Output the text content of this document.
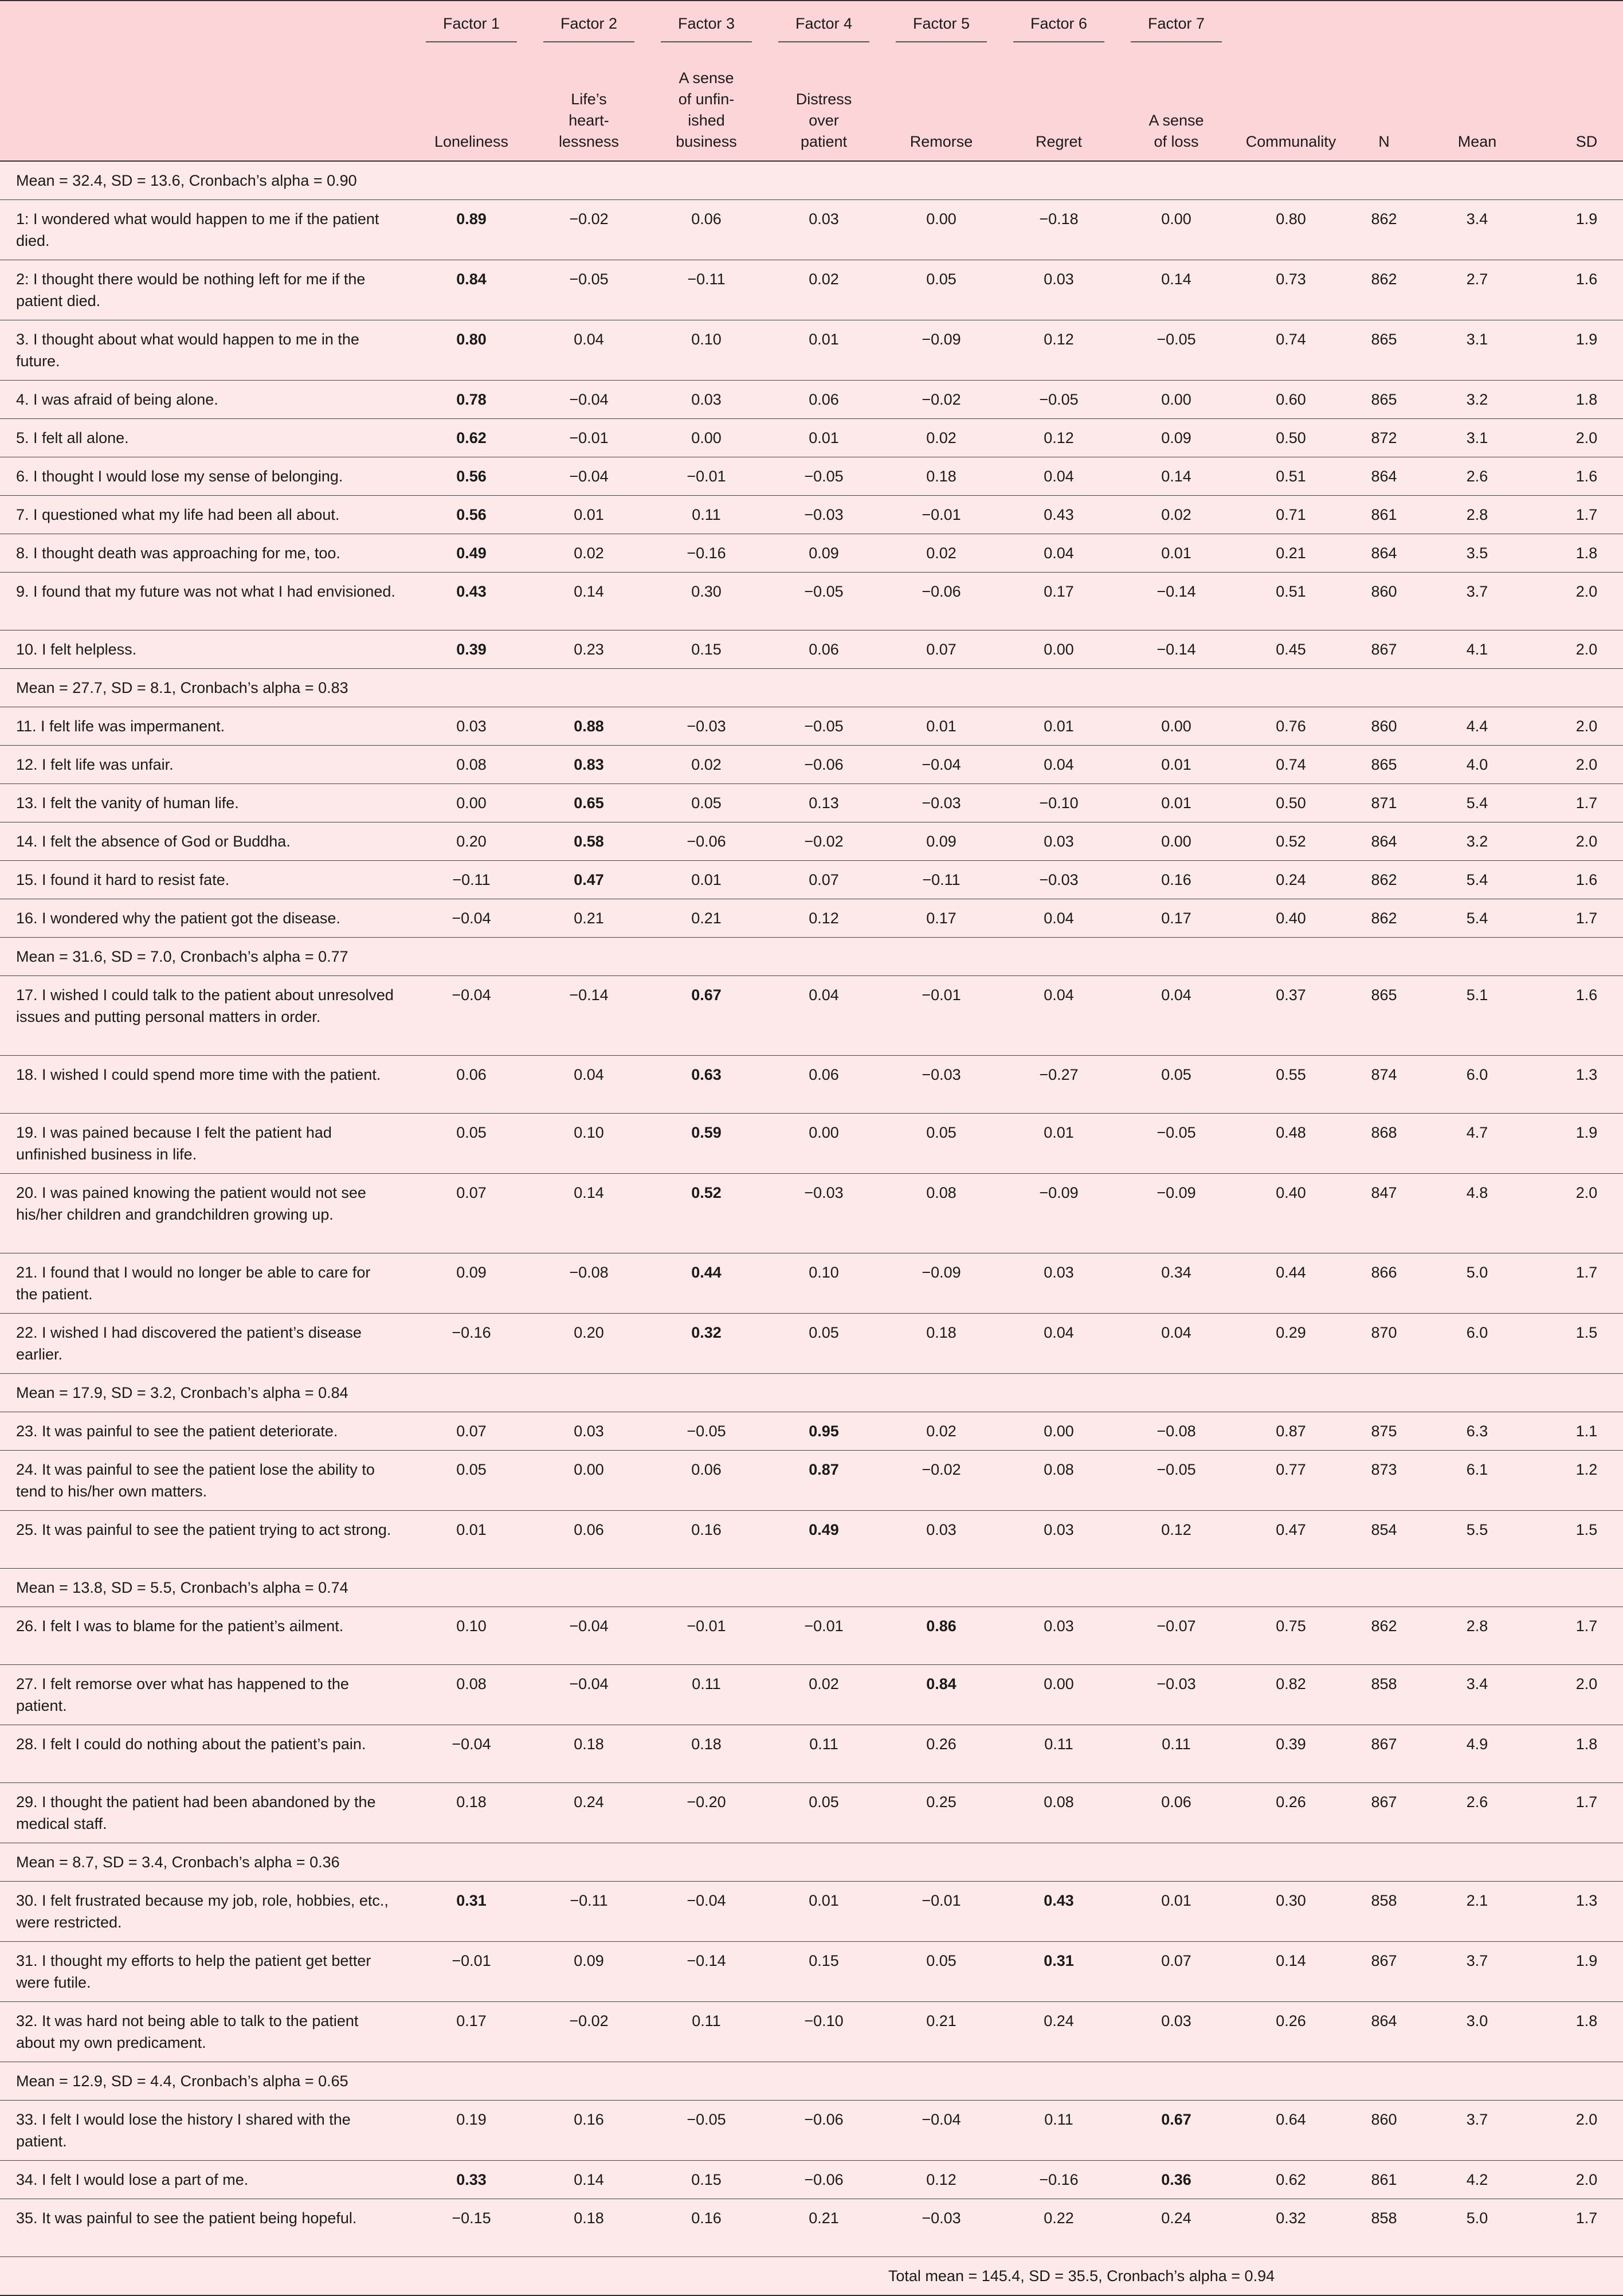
	Factor 1	Factor 2	Factor 3	Factor 4	Factor 5	Factor 6	Factor 7				
	Loneliness	Life’s
heart-
lessness	A sense
of unfin-
ished
business	Distress
over
patient	Remorse	Regret	A sense
of loss	Communality	N	Mean	SD
Mean = 32.4, SD = 13.6, Cronbach’s alpha = 0.90											
1: I wondered what would happen to me if the patient died.	0.89	−0.02	0.06	0.03	0.00	−0.18	0.00	0.80	862	3.4	1.9
2: I thought there would be nothing left for me if the patient died.	0.84	−0.05	−0.11	0.02	0.05	0.03	0.14	0.73	862	2.7	1.6
3. I thought about what would happen to me in the future.	0.80	0.04	0.10	0.01	−0.09	0.12	−0.05	0.74	865	3.1	1.9
4. I was afraid of being alone.	0.78	−0.04	0.03	0.06	−0.02	−0.05	0.00	0.60	865	3.2	1.8
5. I felt all alone.	0.62	−0.01	0.00	0.01	0.02	0.12	0.09	0.50	872	3.1	2.0
6. I thought I would lose my sense of belonging.	0.56	−0.04	−0.01	−0.05	0.18	0.04	0.14	0.51	864	2.6	1.6
7. I questioned what my life had been all about.	0.56	0.01	0.11	−0.03	−0.01	0.43	0.02	0.71	861	2.8	1.7
8. I thought death was approaching for me, too.	0.49	0.02	−0.16	0.09	0.02	0.04	0.01	0.21	864	3.5	1.8
9. I found that my future was not what I had envisioned.	0.43	0.14	0.30	−0.05	−0.06	0.17	−0.14	0.51	860	3.7	2.0
10. I felt helpless.	0.39	0.23	0.15	0.06	0.07	0.00	−0.14	0.45	867	4.1	2.0
Mean = 27.7, SD = 8.1, Cronbach’s alpha = 0.83											
11. I felt life was impermanent.	0.03	0.88	−0.03	−0.05	0.01	0.01	0.00	0.76	860	4.4	2.0
12. I felt life was unfair.	0.08	0.83	0.02	−0.06	−0.04	0.04	0.01	0.74	865	4.0	2.0
13. I felt the vanity of human life.	0.00	0.65	0.05	0.13	−0.03	−0.10	0.01	0.50	871	5.4	1.7
14. I felt the absence of God or Buddha.	0.20	0.58	−0.06	−0.02	0.09	0.03	0.00	0.52	864	3.2	2.0
15. I found it hard to resist fate.	−0.11	0.47	0.01	0.07	−0.11	−0.03	0.16	0.24	862	5.4	1.6
16. I wondered why the patient got the disease.	−0.04	0.21	0.21	0.12	0.17	0.04	0.17	0.40	862	5.4	1.7
Mean = 31.6, SD = 7.0, Cronbach’s alpha = 0.77											
17. I wished I could talk to the patient about unresolved issues and putting personal matters in order.	−0.04	−0.14	0.67	0.04	−0.01	0.04	0.04	0.37	865	5.1	1.6
18. I wished I could spend more time with the patient.	0.06	0.04	0.63	0.06	−0.03	−0.27	0.05	0.55	874	6.0	1.3
19. I was pained because I felt the patient had unfinished business in life.	0.05	0.10	0.59	0.00	0.05	0.01	−0.05	0.48	868	4.7	1.9
20. I was pained knowing the patient would not see his/her children and grandchildren growing up.	0.07	0.14	0.52	−0.03	0.08	−0.09	−0.09	0.40	847	4.8	2.0
21. I found that I would no longer be able to care for the patient.	0.09	−0.08	0.44	0.10	−0.09	0.03	0.34	0.44	866	5.0	1.7
22. I wished I had discovered the patient’s disease earlier.	−0.16	0.20	0.32	0.05	0.18	0.04	0.04	0.29	870	6.0	1.5
Mean = 17.9, SD = 3.2, Cronbach’s alpha = 0.84											
23. It was painful to see the patient deteriorate.	0.07	0.03	−0.05	0.95	0.02	0.00	−0.08	0.87	875	6.3	1.1
24. It was painful to see the patient lose the ability to tend to his/her own matters.	0.05	0.00	0.06	0.87	−0.02	0.08	−0.05	0.77	873	6.1	1.2
25. It was painful to see the patient trying to act strong.	0.01	0.06	0.16	0.49	0.03	0.03	0.12	0.47	854	5.5	1.5
Mean = 13.8, SD = 5.5, Cronbach’s alpha = 0.74											
26. I felt I was to blame for the patient’s ailment.	0.10	−0.04	−0.01	−0.01	0.86	0.03	−0.07	0.75	862	2.8	1.7
27. I felt remorse over what has happened to the patient.	0.08	−0.04	0.11	0.02	0.84	0.00	−0.03	0.82	858	3.4	2.0
28. I felt I could do nothing about the patient’s pain.	−0.04	0.18	0.18	0.11	0.26	0.11	0.11	0.39	867	4.9	1.8
29. I thought the patient had been abandoned by the medical staff.	0.18	0.24	−0.20	0.05	0.25	0.08	0.06	0.26	867	2.6	1.7
Mean = 8.7, SD = 3.4, Cronbach’s alpha = 0.36											
30. I felt frustrated because my job, role, hobbies, etc., were restricted.	0.31	−0.11	−0.04	0.01	−0.01	0.43	0.01	0.30	858	2.1	1.3
31. I thought my efforts to help the patient get better were futile.	−0.01	0.09	−0.14	0.15	0.05	0.31	0.07	0.14	867	3.7	1.9
32. It was hard not being able to talk to the patient about my own predicament.	0.17	−0.02	0.11	−0.10	0.21	0.24	0.03	0.26	864	3.0	1.8
Mean = 12.9, SD = 4.4, Cronbach’s alpha = 0.65											
33. I felt I would lose the history I shared with the patient.	0.19	0.16	−0.05	−0.06	−0.04	0.11	0.67	0.64	860	3.7	2.0
34. I felt I would lose a part of me.	0.33	0.14	0.15	−0.06	0.12	−0.16	0.36	0.62	861	4.2	2.0
35. It was painful to see the patient being hopeful.	−0.15	0.18	0.16	0.21	−0.03	0.22	0.24	0.32	858	5.0	1.7
Total mean = 145.4, SD = 35.5, Cronbach’s alpha = 0.94											
